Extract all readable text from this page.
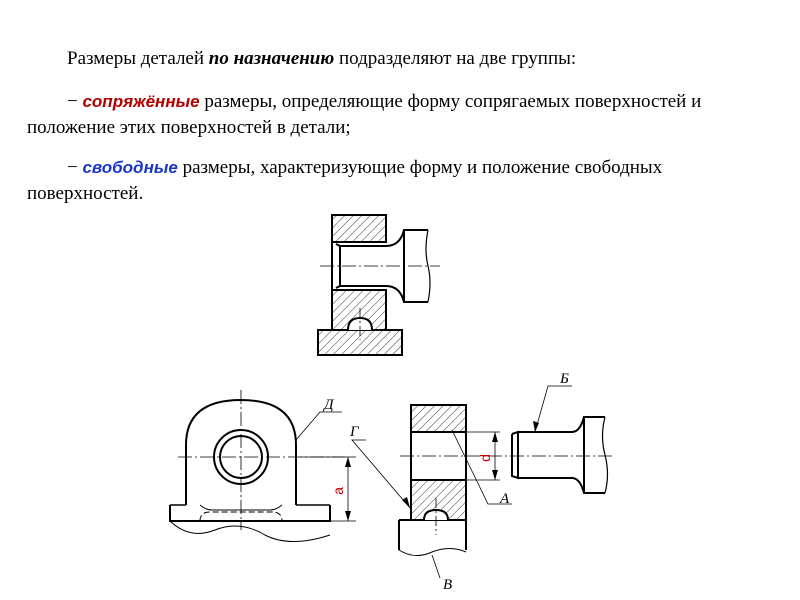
Размеры деталей по назначению подразделяют на две группы:

− сопряжённые размеры, определяющие форму сопрягаемых поверхностей и положение этих поверхностей в детали;

− свободные размеры, характеризующие форму и положение свободных поверхностей.

а
Д
d
Г
А
Б
В
